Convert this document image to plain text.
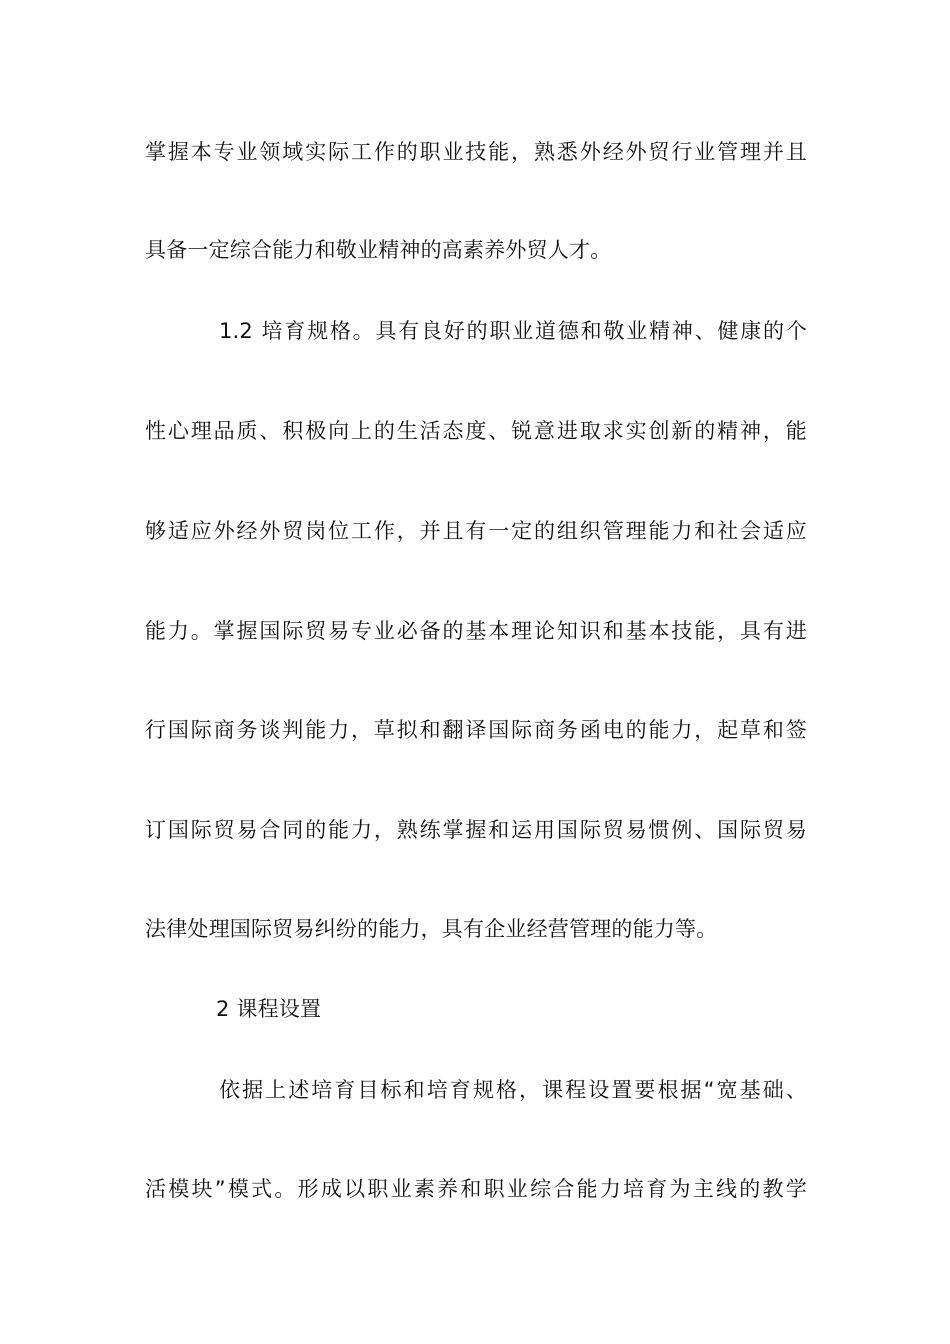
掌握本专业领域实际工作的职业技能，熟悉外经外贸行业管理并且
具备一定综合能力和敬业精神的高素养外贸人才。
1.2 培育规格。具有良好的职业道德和敬业精神、健康的个
性心理品质、积极向上的生活态度、锐意进取求实创新的精神，能
够适应外经外贸岗位工作，并且有一定的组织管理能力和社会适应
能力。掌握国际贸易专业必备的基本理论知识和基本技能，具有进
行国际商务谈判能力，草拟和翻译国际商务函电的能力，起草和签
订国际贸易合同的能力，熟练掌握和运用国际贸易惯例、国际贸易
法律处理国际贸易纠纷的能力，具有企业经营管理的能力等。
2 课程设置
依据上述培育目标和培育规格，课程设置要根据“宽基础、
活模块”模式。形成以职业素养和职业综合能力培育为主线的教学
